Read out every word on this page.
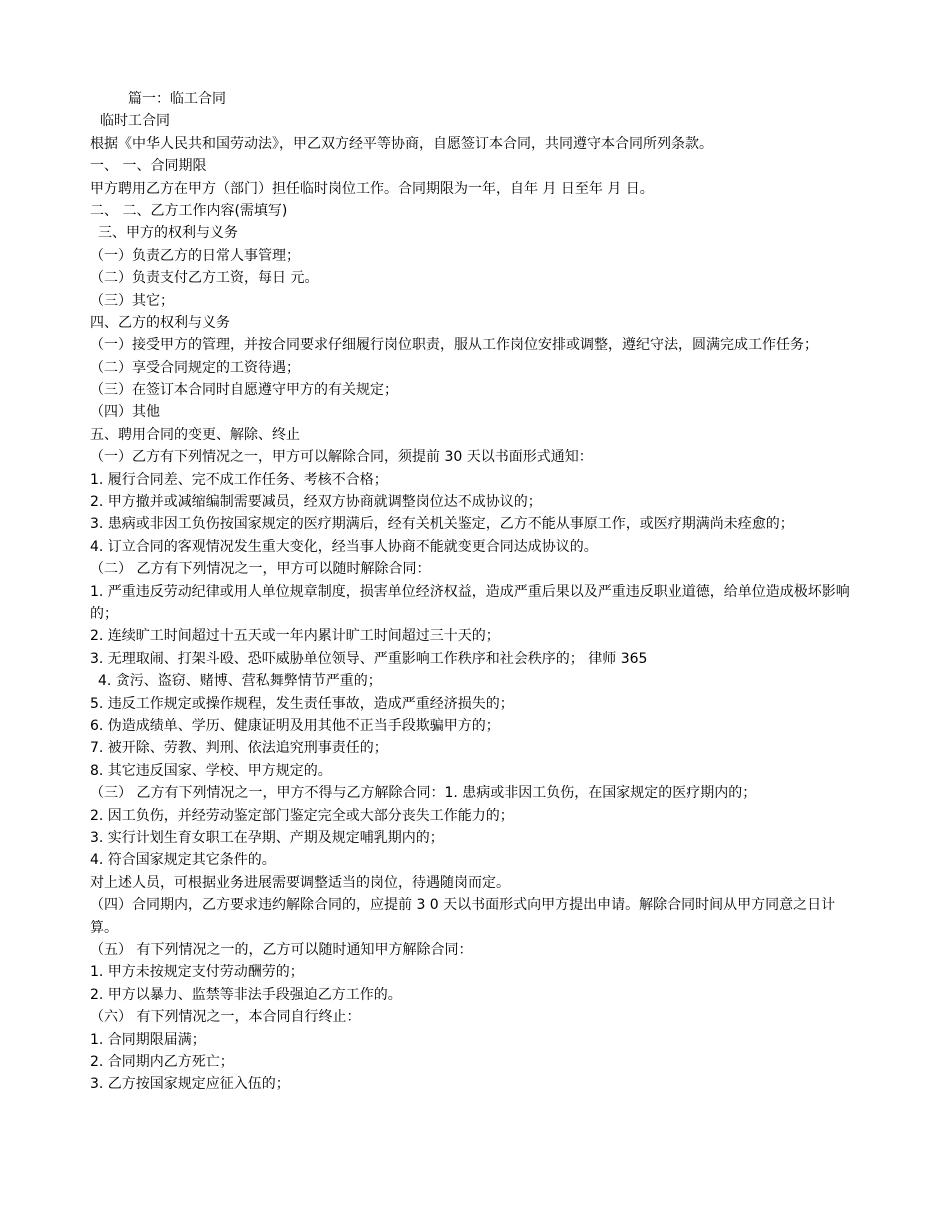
篇一：临工合同
临时工合同
根据《中华人民共和国劳动法》，甲乙双方经平等协商，自愿签订本合同，共同遵守本合同所列条款。
一、 一、合同期限
甲方聘用乙方在甲方（部门）担任临时岗位工作。合同期限为一年，自年 月 日至年 月 日。
二、 二、乙方工作内容(需填写)
三、甲方的权利与义务
（一）负责乙方的日常人事管理；
（二）负责支付乙方工资，每日 元。
（三）其它；
四、乙方的权利与义务
（一）接受甲方的管理，并按合同要求仔细履行岗位职责，服从工作岗位安排或调整，遵纪守法，圆满完成工作任务；
（二）享受合同规定的工资待遇；
（三）在签订本合同时自愿遵守甲方的有关规定；
（四）其他
五、聘用合同的变更、解除、终止
（一）乙方有下列情况之一，甲方可以解除合同，须提前 30 天以书面形式通知：
1. 履行合同差、完不成工作任务、考核不合格；
2. 甲方撤并或减缩编制需要减员，经双方协商就调整岗位达不成协议的；
3. 患病或非因工负伤按国家规定的医疗期满后，经有关机关鉴定，乙方不能从事原工作，或医疗期满尚未痊愈的；
4. 订立合同的客观情况发生重大变化，经当事人协商不能就变更合同达成协议的。
（二） 乙方有下列情况之一，甲方可以随时解除合同：
1. 严重违反劳动纪律或用人单位规章制度，损害单位经济权益，造成严重后果以及严重违反职业道德，给单位造成极坏影响的；
2. 连续旷工时间超过十五天或一年内累计旷工时间超过三十天的；
3. 无理取闹、打架斗殴、恐吓威胁单位领导、严重影响工作秩序和社会秩序的； 律师 365
4. 贪污、盗窃、赌博、营私舞弊情节严重的；
5. 违反工作规定或操作规程，发生责任事故，造成严重经济损失的；
6. 伪造成绩单、学历、健康证明及用其他不正当手段欺骗甲方的；
7. 被开除、劳教、判刑、依法追究刑事责任的；
8. 其它违反国家、学校、甲方规定的。
（三） 乙方有下列情况之一，甲方不得与乙方解除合同：1. 患病或非因工负伤，在国家规定的医疗期内的；
2. 因工负伤，并经劳动鉴定部门鉴定完全或大部分丧失工作能力的；
3. 实行计划生育女职工在孕期、产期及规定哺乳期内的；
4. 符合国家规定其它条件的。
对上述人员，可根据业务进展需要调整适当的岗位，待遇随岗而定。
（四）合同期内，乙方要求违约解除合同的，应提前 3 0 天以书面形式向甲方提出申请。解除合同时间从甲方同意之日计算。
（五） 有下列情况之一的，乙方可以随时通知甲方解除合同：
1. 甲方未按规定支付劳动酬劳的；
2. 甲方以暴力、监禁等非法手段强迫乙方工作的。
（六） 有下列情况之一，本合同自行终止：
1. 合同期限届满；
2. 合同期内乙方死亡；
3. 乙方按国家规定应征入伍的；
